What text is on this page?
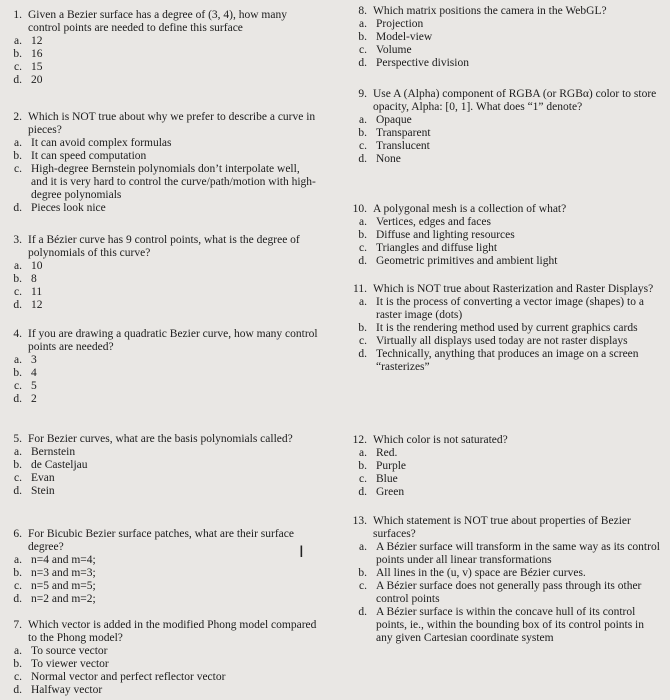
1. Given a Bezier surface has a degree of (3, 4), how many control points are needed to define this surface
a. 12
b. 16
c. 15
d. 20
2. Which is NOT true about why we prefer to describe a curve in pieces?
a. It can avoid complex formulas
b. It can speed computation
c. High-degree Bernstein polynomials don’t interpolate well, and it is very hard to control the curve/path/motion with high-degree polynomials
d. Pieces look nice
3. If a Bézier curve has 9 control points, what is the degree of polynomials of this curve?
a. 10
b. 8
c. 11
d. 12
4. If you are drawing a quadratic Bezier curve, how many control points are needed?
a. 3
b. 4
c. 5
d. 2
5. For Bezier curves, what are the basis polynomials called?
a. Bernstein
b. de Casteljau
c. Evan
d. Stein
6. For Bicubic Bezier surface patches, what are their surface degree?
a. n=4 and m=4;
b. n=3 and m=3;
c. n=5 and m=5;
d. n=2 and m=2;
7. Which vector is added in the modified Phong model compared to the Phong model?
a. To source vector
b. To viewer vector
c. Normal vector and perfect reflector vector
d. Halfway vector
8. Which matrix positions the camera in the WebGL?
a. Projection
b. Model-view
c. Volume
d. Perspective division
9. Use A (Alpha) component of RGBA (or RGBα) color to store opacity, Alpha: [0, 1]. What does “1” denote?
a. Opaque
b. Transparent
c. Translucent
d. None
10. A polygonal mesh is a collection of what?
a. Vertices, edges and faces
b. Diffuse and lighting resources
c. Triangles and diffuse light
d. Geometric primitives and ambient light
11. Which is NOT true about Rasterization and Raster Displays?
a. It is the process of converting a vector image (shapes) to a raster image (dots)
b. It is the rendering method used by current graphics cards
c. Virtually all displays used today are not raster displays
d. Technically, anything that produces an image on a screen “rasterizes”
12. Which color is not saturated?
a. Red.
b. Purple
c. Blue
d. Green
13. Which statement is NOT true about properties of Bezier surfaces?
a. A Bézier surface will transform in the same way as its control points under all linear transformations
b. All lines in the (u, v) space are Bézier curves.
c. A Bézier surface does not generally pass through its other control points
d. A Bézier surface is within the concave hull of its control points, ie., within the bounding box of its control points in any given Cartesian coordinate system
I
